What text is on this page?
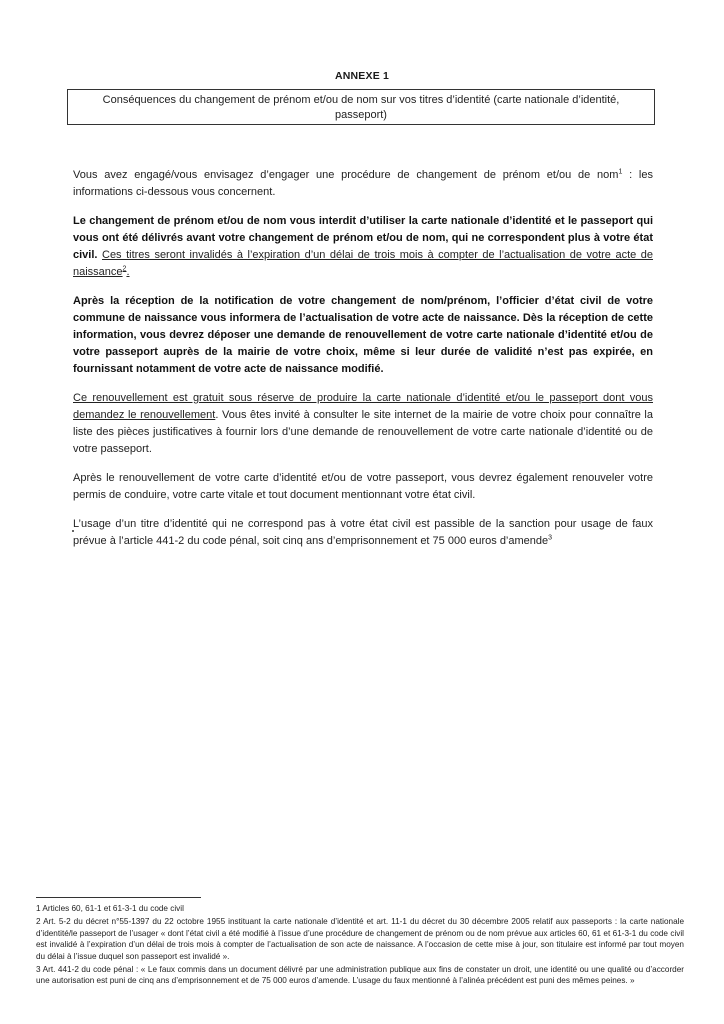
ANNEXE 1
Conséquences du changement de prénom et/ou de nom sur vos titres d’identité (carte nationale d’identité, passeport)

Vous avez engagé/vous envisagez d’engager une procédure de changement de prénom et/ou de nom$^1$ : les informations ci-dessous vous concernent.

Le changement de prénom et/ou de nom vous interdit d’utiliser la carte nationale d’identité et le passeport qui vous ont été délivrés avant votre changement de prénom et/ou de nom, qui ne correspondent plus à votre état civil. Ces titres seront invalidés à l’expiration d’un délai de trois mois à compter de l’actualisation de votre acte de naissance$^2$.

Après la réception de la notification de votre changement de nom/prénom, l’officier d’état civil de votre commune de naissance vous informera de l’actualisation de votre acte de naissance. Dès la réception de cette information, vous devrez déposer une demande de renouvellement de votre carte nationale d’identité et/ou de votre passeport auprès de la mairie de votre choix, même si leur durée de validité n’est pas expirée, en fournissant notamment de votre acte de naissance modifié.

Ce renouvellement est gratuit sous réserve de produire la carte nationale d’identité et/ou le passeport dont vous demandez le renouvellement. Vous êtes invité à consulter le site internet de la mairie de votre choix pour connaître la liste des pièces justificatives à fournir lors d’une demande de renouvellement de votre carte nationale d’identité ou de votre passeport.

Après le renouvellement de votre carte d’identité et/ou de votre passeport, vous devrez également renouveler votre permis de conduire, votre carte vitale et tout document mentionnant votre état civil.

L’usage d’un titre d’identité qui ne correspond pas à votre état civil est passible de la sanction pour usage de faux prévue à l’article 441-2 du code pénal, soit cinq ans d’emprisonnement et 75 000 euros d’amende$^3$

1 Articles 60, 61-1 et 61-3-1 du code civil

2 Art. 5-2 du décret n°55-1397 du 22 octobre 1955 instituant la carte nationale d’identité et art. 11-1 du décret du 30 décembre 2005 relatif aux passeports : la carte nationale d’identité/le passeport de l’usager « dont l’état civil a été modifié à l’issue d’une procédure de changement de prénom ou de nom prévue aux articles 60, 61 et 61-3-1 du code civil est invalidé à l’expiration d’un délai de trois mois à compter de l’actualisation de son acte de naissance. A l’occasion de cette mise à jour, son titulaire est informé par tout moyen du délai à l’issue duquel son passeport est invalidé ».

3 Art. 441-2 du code pénal : « Le faux commis dans un document délivré par une administration publique aux fins de constater un droit, une identité ou une qualité ou d’accorder une autorisation est puni de cinq ans d’emprisonnement et de 75 000 euros d’amende. L’usage du faux mentionné à l’alinéa précédent est puni des mêmes peines. »
